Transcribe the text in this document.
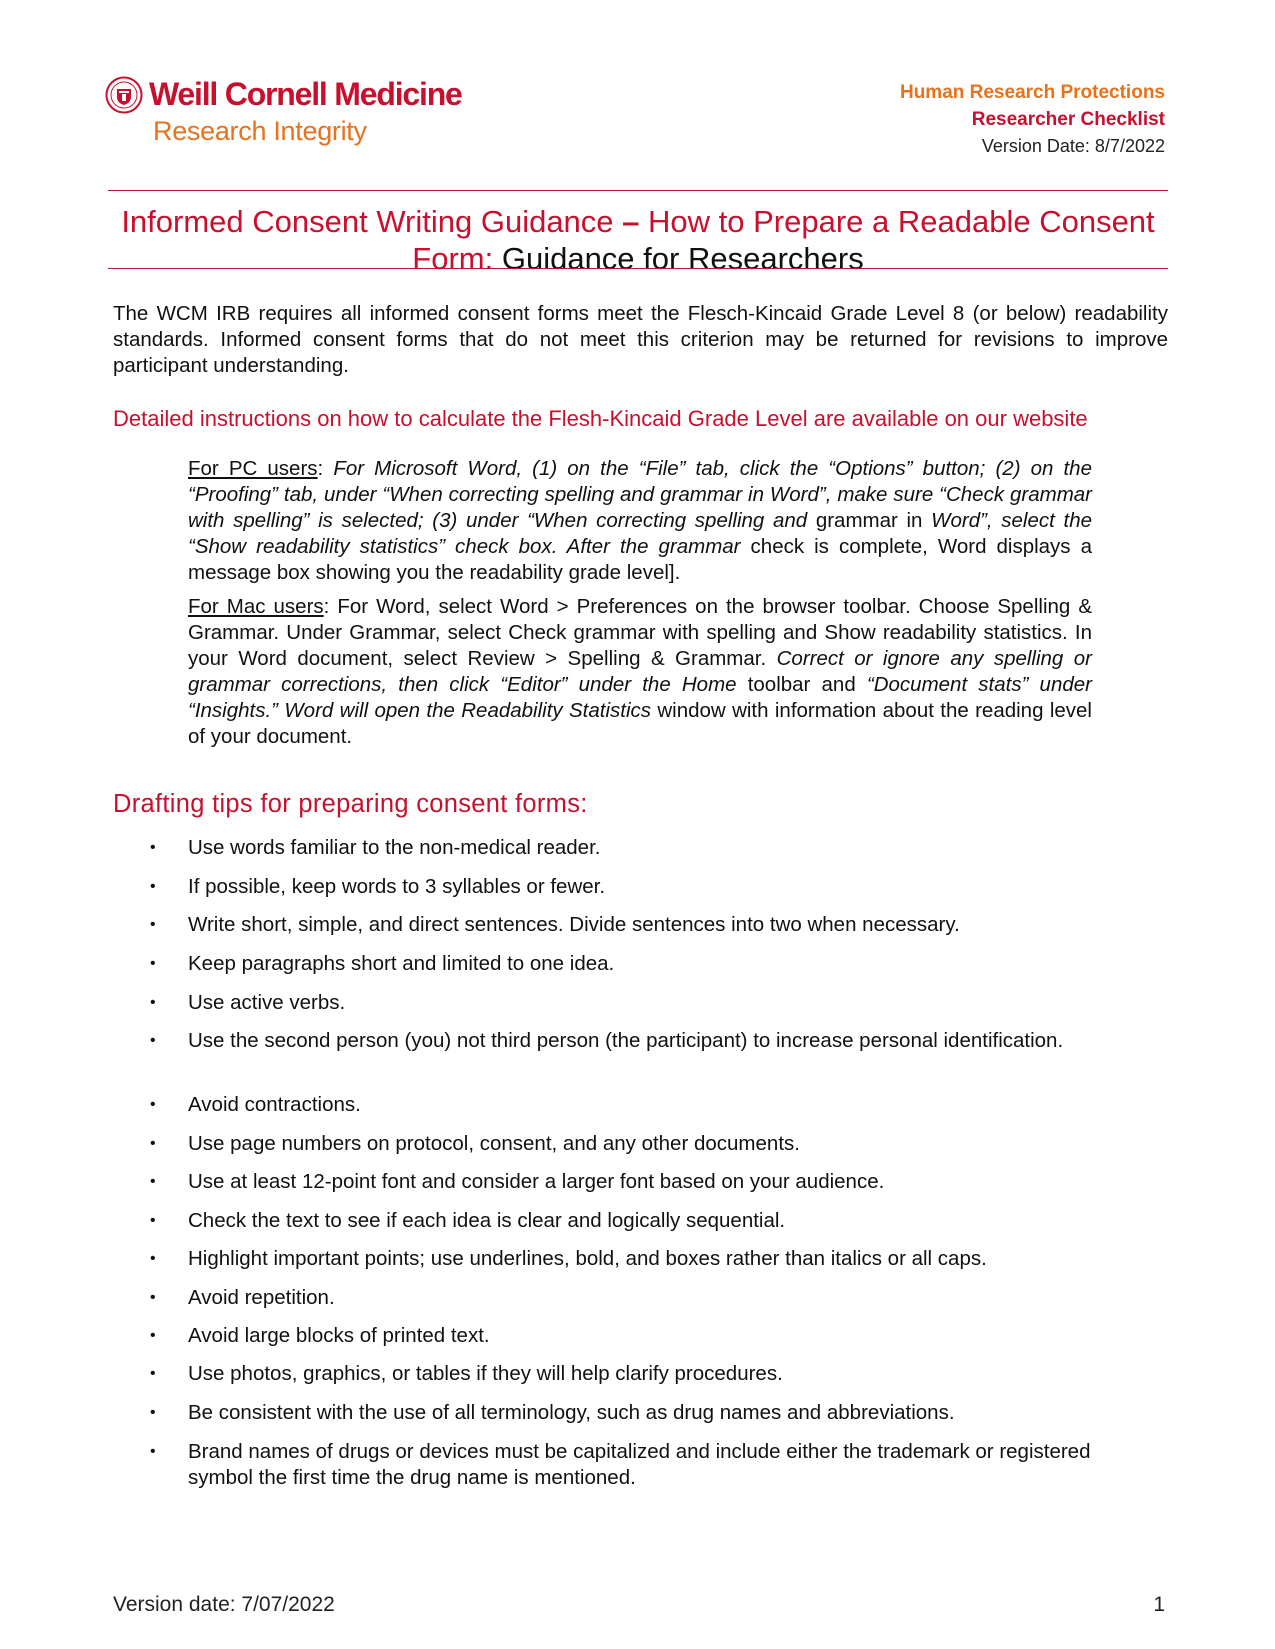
Weill Cornell Medicine
Research Integrity
Human Research Protections
Researcher Checklist
Version Date: 8/7/2022
Informed Consent Writing Guidance – How to Prepare a Readable Consent Form: Guidance for Researchers
The WCM IRB requires all informed consent forms meet the Flesch-Kincaid Grade Level 8 (or below) readability standards. Informed consent forms that do not meet this criterion may be returned for revisions to improve participant understanding.
Detailed instructions on how to calculate the Flesh-Kincaid Grade Level are available on our website
For PC users: For Microsoft Word, (1) on the “File” tab, click the “Options” button; (2) on the “Proofing” tab, under “When correcting spelling and grammar in Word”, make sure “Check grammar with spelling” is selected; (3) under “When correcting spelling and grammar in Word”, select the “Show readability statistics” check box. After the grammar check is complete, Word displays a message box showing you the readability grade level].
For Mac users: For Word, select Word > Preferences on the browser toolbar. Choose Spelling & Grammar. Under Grammar, select Check grammar with spelling and Show readability statistics. In your Word document, select Review > Spelling & Grammar. Correct or ignore any spelling or grammar corrections, then click “Editor” under the Home toolbar and “Document stats” under “Insights.” Word will open the Readability Statistics window with information about the reading level of your document.
Drafting tips for preparing consent forms:
• Use words familiar to the non-medical reader.
• If possible, keep words to 3 syllables or fewer.
• Write short, simple, and direct sentences. Divide sentences into two when necessary.
• Keep paragraphs short and limited to one idea.
• Use active verbs.
• Use the second person (you) not third person (the participant) to increase personal identification.
• Avoid contractions.
• Use page numbers on protocol, consent, and any other documents.
• Use at least 12-point font and consider a larger font based on your audience.
• Check the text to see if each idea is clear and logically sequential.
• Highlight important points; use underlines, bold, and boxes rather than italics or all caps.
• Avoid repetition.
• Avoid large blocks of printed text.
• Use photos, graphics, or tables if they will help clarify procedures.
• Be consistent with the use of all terminology, such as drug names and abbreviations.
• Brand names of drugs or devices must be capitalized and include either the trademark or registered symbol the first time the drug name is mentioned.
Version date: 7/07/2022	1
